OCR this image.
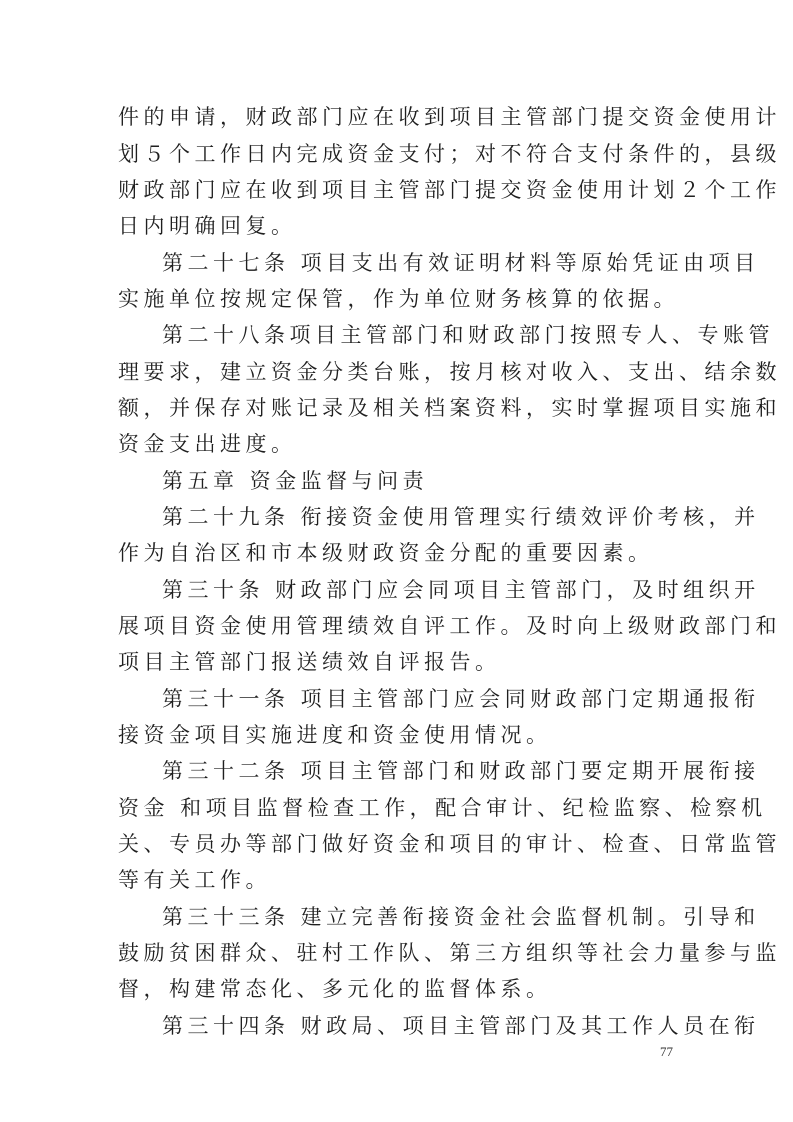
件的申请，财政部门应在收到项目主管部门提交资金使用计
划５个工作日内完成资金支付；对不符合支付条件的，县级
财政部门应在收到项目主管部门提交资金使用计划２个工作
日内明确回复。
第二十七条 项目支出有效证明材料等原始凭证由项目
实施单位按规定保管，作为单位财务核算的依据。
第二十八条项目主管部门和财政部门按照专人、专账管
理要求，建立资金分类台账，按月核对收入、支出、结余数
额，并保存对账记录及相关档案资料，实时掌握项目实施和
资金支出进度。
第五章 资金监督与问责
第二十九条 衔接资金使用管理实行绩效评价考核，并
作为自治区和市本级财政资金分配的重要因素。
第三十条 财政部门应会同项目主管部门，及时组织开
展项目资金使用管理绩效自评工作。及时向上级财政部门和
项目主管部门报送绩效自评报告。
第三十一条 项目主管部门应会同财政部门定期通报衔
接资金项目实施进度和资金使用情况。
第三十二条 项目主管部门和财政部门要定期开展衔接
资金 和项目监督检查工作，配合审计、纪检监察、检察机
关、专员办等部门做好资金和项目的审计、检查、日常监管
等有关工作。
第三十三条 建立完善衔接资金社会监督机制。引导和
鼓励贫困群众、驻村工作队、第三方组织等社会力量参与监
督，构建常态化、多元化的监督体系。
第三十四条 财政局、项目主管部门及其工作人员在衔
77
